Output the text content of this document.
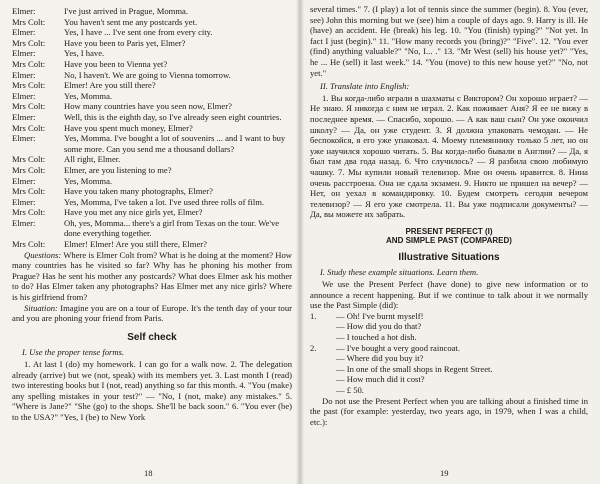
Elmer:	I've just arrived in Prague, Momma.
Mrs Colt:	You haven't sent me any postcards yet.
Elmer:	Yes, I have ... I've sent one from every city.
Mrs Colt:	Have you been to Paris yet, Elmer?
Elmer:	Yes, I have.
Mrs Colt:	Have you been to Vienna yet?
Elmer:	No, I haven't. We are going to Vienna tomorrow.
Mrs Colt:	Elmer! Are you still there?
Elmer:	Yes, Momma.
Mrs Colt:	How many countries have you seen now, Elmer?
Elmer:	Well, this is the eighth day, so I've already seen eight countries.
Mrs Colt:	Have you spent much money, Elmer?
Elmer:	Yes, Momma. I've bought a lot of souvenirs ... and I want to buy some more. Can you send me a thousand dollars?
Mrs Colt:	All right, Elmer.
Mrs Colt:	Elmer, are you listening to me?
Elmer:	Yes, Momma.
Mrs Colt:	Have you taken many photographs, Elmer?
Elmer:	Yes, Momma, I've taken a lot. I've used three rolls of film.
Mrs Colt:	Have you met any nice girls yet, Elmer?
Elmer:	Oh, yes, Momma... there's a girl from Texas on the tour. We've done everything together.
Mrs Colt:	Elmer! Elmer! Are you still there, Elmer?

Questions: Where is Elmer Colt from? What is he doing at the moment? How many countries has he visited so far? Why has he phoning his mother from Prague? Has he sent his mother any postcards? What does Elmer ask his mother to do? Has Elmer taken any photographs? Has Elmer met any nice girls? Where is his girlfriend from?

Situation: Imagine you are on a tour of Europe. It's the tenth day of your tour and you are phoning your friend from Paris.

Self check
I. Use the proper tense forms.

1. At last I (do) my homework. I can go for a walk now. 2. The delegation already (arrive) but we (not, speak) with its members yet. 3. Last month I (read) two interesting books but I (not, read) anything so far this month. 4. "You (make) any spelling mistakes in your test?" — "No, I (not, make) any mistakes." 5. "Where is Jane?" "She (go) to the shops. She'll be back soon." 6. "You ever (be) to the USA?" "Yes, I (be) to New York

18

several times." 7. (I play) a lot of tennis since the summer (begin). 8. You (ever, see) John this morning but we (see) him a couple of days ago. 9. Harry is ill. He (have) an accident. He (break) his leg. 10. "You (finish) typing?" "Not yet. In fact I just (begin)." 11. "How many records you (bring)?" "Five". 12. "You ever (find) anything valuable?" "No, I... ." 13. "Mr West (sell) his house yet?" "Yes, he ... He (sell) it last week." 14. "You (move) to this new house yet?" "No, not yet."

II. Translate into English:

1. Вы когда-либо играли в шахматы с Виктором? Он хорошо играет? — Не знаю. Я никогда с ним не играл. 2. Как поживает Аня? Я ее не вижу в последнее время. — Спасибо, хорошо. — А как ваш сын? Он уже окончил школу? — Да, он уже студент. 3. Я должна упаковать чемодан. — Не беспокойся, я его уже упаковал. 4. Моему племяннику только 5 лет, но он уже научился хорошо читать. 5. Вы когда-либо бывали в Англии? — Да, я был там два года назад. 6. Что случилось? — Я разбила свою любимую чашку. 7. Мы купили новый телевизор. Мне он очень нравится. 8. Нина очень расстроена. Она не сдала экзамен. 9. Никто не пришел на вечер? — Нет, он уехал в командировку. 10. Будем смотреть сегодня вечером телевизор? — Я его уже смотрела. 11. Вы уже подписали документы? — Да, вы можете их забрать.

PRESENT PERFECT (I)
AND SIMPLE PAST (COMPARED)
Illustrative Situations
I. Study these example situations. Learn them.

We use the Present Perfect (have done) to give new information or to announce a recent happening. But if we continue to talk about it we normally use the Past Simple (did):

1.	— Oh! I've burnt myself!
— How did you do that?
— I touched a hot dish.
2.	— I've bought a very good raincoat.
— Where did you buy it?
— In one of the small shops in Regent Street.
— How much did it cost?
— £ 50.

Do not use the Present Perfect when you are talking about a finished time in the past (for example: yesterday, two years ago, in 1979, when I was a child, etc.):

19
